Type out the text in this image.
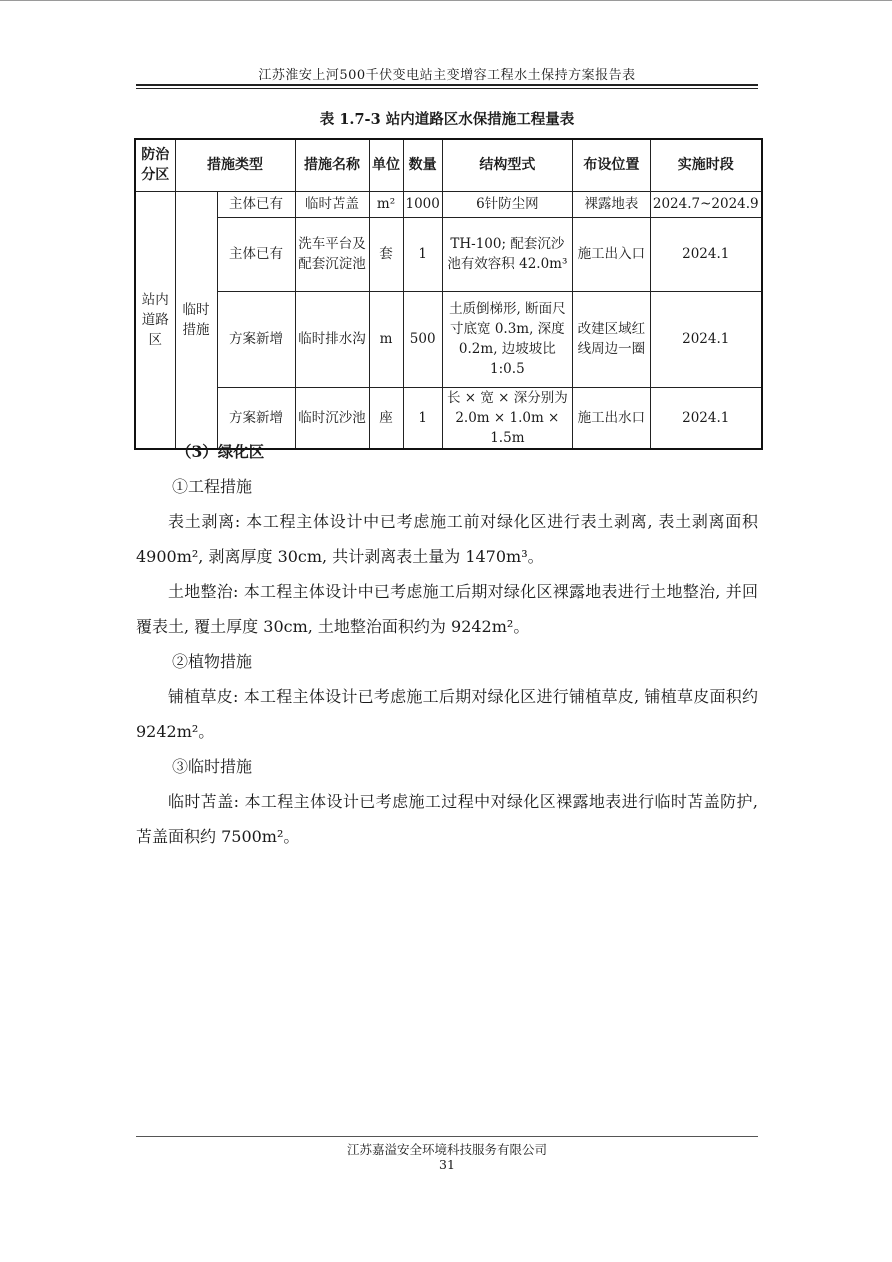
江苏淮安上河500千伏变电站主变增容工程水土保持方案报告表
表 1.7-3 站内道路区水保措施工程量表
防治分区	措施类型		措施名称	单位	数量	结构型式	布设位置	实施时段
站内道路区	临时措施	主体已有	临时苫盖	m²	1000	6针防尘网	裸露地表	2024.7~2024.9
		主体已有	洗车平台及配套沉淀池	套	1	TH-100; 配套沉沙池有效容积 42.0m³	施工出入口	2024.1
		方案新增	临时排水沟	m	500	土质倒梯形, 断面尺寸底宽 0.3m, 深度 0.2m, 边坡坡比 1:0.5	改建区域红线周边一圈	2024.1
		方案新增	临时沉沙池	座	1	长 × 宽 × 深分别为 2.0m × 1.0m × 1.5m	施工出水口	2024.1
（3）绿化区
①工程措施
表土剥离: 本工程主体设计中已考虑施工前对绿化区进行表土剥离, 表土剥离面积 4900m², 剥离厚度 30cm, 共计剥离表土量为 1470m³。
土地整治: 本工程主体设计中已考虑施工后期对绿化区裸露地表进行土地整治, 并回覆表土, 覆土厚度 30cm, 土地整治面积约为 9242m²。
②植物措施
铺植草皮: 本工程主体设计已考虑施工后期对绿化区进行铺植草皮, 铺植草皮面积约 9242m²。
③临时措施
临时苫盖: 本工程主体设计已考虑施工过程中对绿化区裸露地表进行临时苫盖防护, 苫盖面积约 7500m²。
江苏嘉溢安全环境科技服务有限公司
31
